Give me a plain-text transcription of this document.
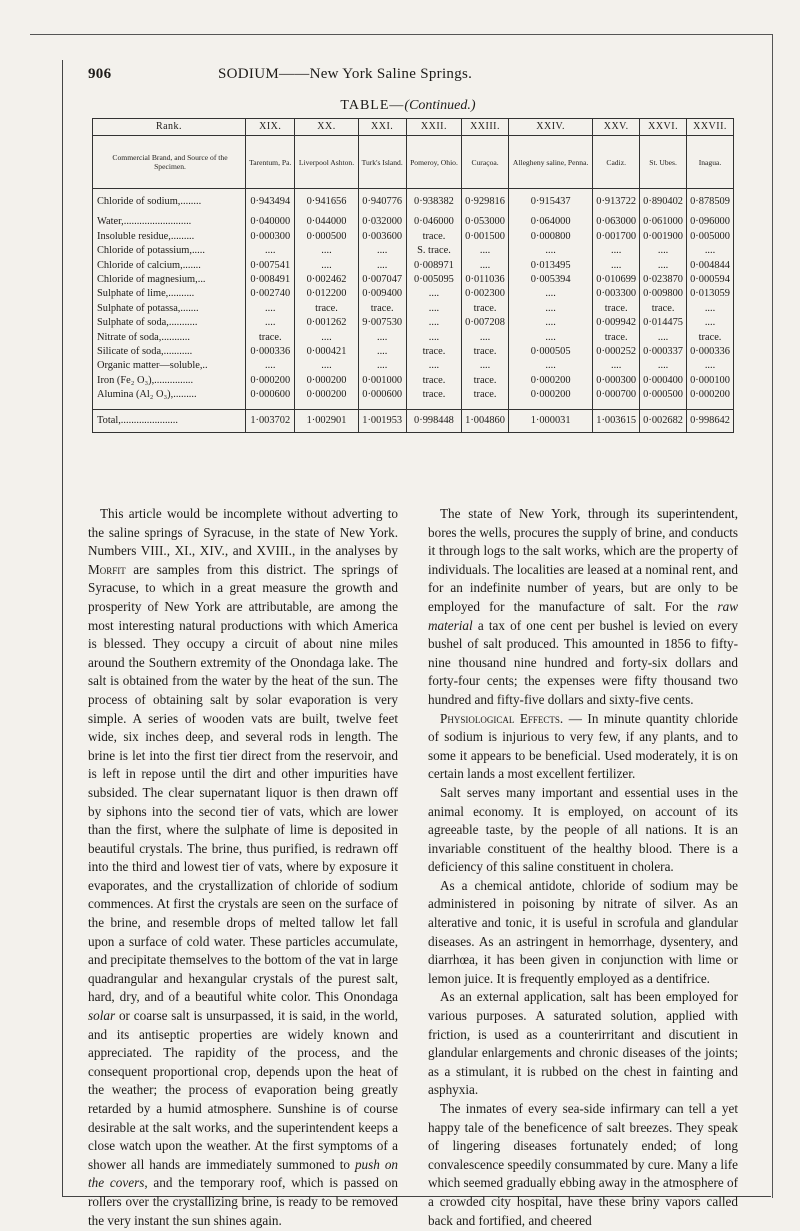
906	SODIUM——New York Saline Springs.
TABLE—(Continued.)
Rank.	XIX.	XX.	XXI.	XXII.	XXIII.	XXIV.	XXV.	XXVI.	XXVII.
Commercial Brand, and Source of the Specimen.	Tarentum, Pa.	Liverpool Ashton.	Turk's Island.	Pomeroy, Ohio.	Curaçoa.	Allegheny saline, Penna.	Cadiz.	St. Ubes.	Inagua.

Chloride of sodium,........	0·943494	0·941656	0·940776	0·938382	0·929816	0·915437	0·913722	0·890402	0·878509

Water,..........................	0·040000	0·044000	0·032000	0·046000	0·053000	0·064000	0·063000	0·061000	0·096000
Insoluble residue,.........	0·000300	0·000500	0·003600	trace.	0·001500	0·000800	0·001700	0·001900	0·005000
Chloride of potassium,.....	....	....	....	S. trace.	....	....	....	....	....
Chloride of calcium,.......	0·007541	....	....	0·008971	....	0·013495	....	....	0·004844
Chloride of magnesium,...	0·008491	0·002462	0·007047	0·005095	0·011036	0·005394	0·010699	0·023870	0·000594
Sulphate of lime,..........	0·002740	0·012200	0·009400	....	0·002300	....	0·003300	0·009800	0·013059
Sulphate of potassa,.......	....	trace.	trace.	....	trace.	....	trace.	trace.	....
Sulphate of soda,...........	....	0·001262	9·007530	....	0·007208	....	0·009942	0·014475	....
Nitrate of soda,...........	trace.	....	....	....	....	....	trace.	....	trace.
Silicate of soda,...........	0·000336	0·000421	....	trace.	trace.	0·000505	0·000252	0·000337	0·000336
Organic matter—soluble,..	....	....	....	....	....	....	....	....	....
Iron (Fe₂ O₃),...............	0·000200	0·000200	0·001000	trace.	trace.	0·000200	0·000300	0·000400	0·000100
Alumina (Al₂ O₃),.........	0·000600	0·000200	0·000600	trace.	trace.	0·000200	0·000700	0·000500	0·000200

Total,......................	1·003702	1·002901	1·001953	0·998448	1·004860	1·000031	1·003615	0·002682	0·998642

This article would be incomplete without adverting to the saline springs of Syracuse, in the state of New York. Numbers VIII., XI., XIV., and XVIII., in the analyses by Morfit are samples from this district. The springs of Syracuse, to which in a great measure the growth and prosperity of New York are attributable, are among the most interesting natural productions with which America is blessed. They occupy a circuit of about nine miles around the Southern extremity of the Onondaga lake. The salt is obtained from the water by the heat of the sun. The process of obtaining salt by solar evaporation is very simple. A series of wooden vats are built, twelve feet wide, six inches deep, and several rods in length. The brine is let into the first tier direct from the reservoir, and is left in repose until the dirt and other impurities have subsided. The clear supernatant liquor is then drawn off by siphons into the second tier of vats, which are lower than the first, where the sulphate of lime is deposited in beautiful crystals. The brine, thus purified, is redrawn off into the third and lowest tier of vats, where by exposure it evaporates, and the crystallization of chloride of sodium commences. At first the crystals are seen on the surface of the brine, and resemble drops of melted tallow let fall upon a surface of cold water. These particles accumulate, and precipitate themselves to the bottom of the vat in large quadrangular and hexangular crystals of the purest salt, hard, dry, and of a beautiful white color. This Onondaga solar or coarse salt is unsurpassed, it is said, in the world, and its antiseptic properties are widely known and appreciated. The rapidity of the process, and the consequent proportional crop, depends upon the heat of the weather; the process of evaporation being greatly retarded by a humid atmosphere. Sunshine is of course desirable at the salt works, and the superintendent keeps a close watch upon the weather. At the first symptoms of a shower all hands are immediately summoned to push on the covers, and the temporary roof, which is passed on rollers over the crystallizing brine, is ready to be removed the very instant the sun shines again.

The state of New York, through its superintendent, bores the wells, procures the supply of brine, and conducts it through logs to the salt works, which are the property of individuals. The localities are leased at a nominal rent, and for an indefinite number of years, but are only to be employed for the manufacture of salt. For the raw material a tax of one cent per bushel is levied on every bushel of salt produced. This amounted in 1856 to fifty-nine thousand nine hundred and forty-six dollars and forty-four cents; the expenses were fifty thousand two hundred and fifty-five dollars and sixty-five cents.

Physiological Effects. — In minute quantity chloride of sodium is injurious to very few, if any plants, and to some it appears to be beneficial. Used moderately, it is on certain lands a most excellent fertilizer.

Salt serves many important and essential uses in the animal economy. It is employed, on account of its agreeable taste, by the people of all nations. It is an invariable constituent of the healthy blood. There is a deficiency of this saline constituent in cholera.

As a chemical antidote, chloride of sodium may be administered in poisoning by nitrate of silver. As an alterative and tonic, it is useful in scrofula and glandular diseases. As an astringent in hemorrhage, dysentery, and diarrhœa, it has been given in conjunction with lime or lemon juice. It is frequently employed as a dentifrice.

As an external application, salt has been employed for various purposes. A saturated solution, applied with friction, is used as a counterirritant and discutient in glandular enlargements and chronic diseases of the joints; as a stimulant, it is rubbed on the chest in fainting and asphyxia.

The inmates of every sea-side infirmary can tell a yet happy tale of the beneficence of salt breezes. They speak of lingering diseases fortunately ended; of long convalescence speedily consummated by cure. Many a life which seemed gradually ebbing away in the atmosphere of a crowded city hospital, have these briny vapors called back and fortified, and cheered
